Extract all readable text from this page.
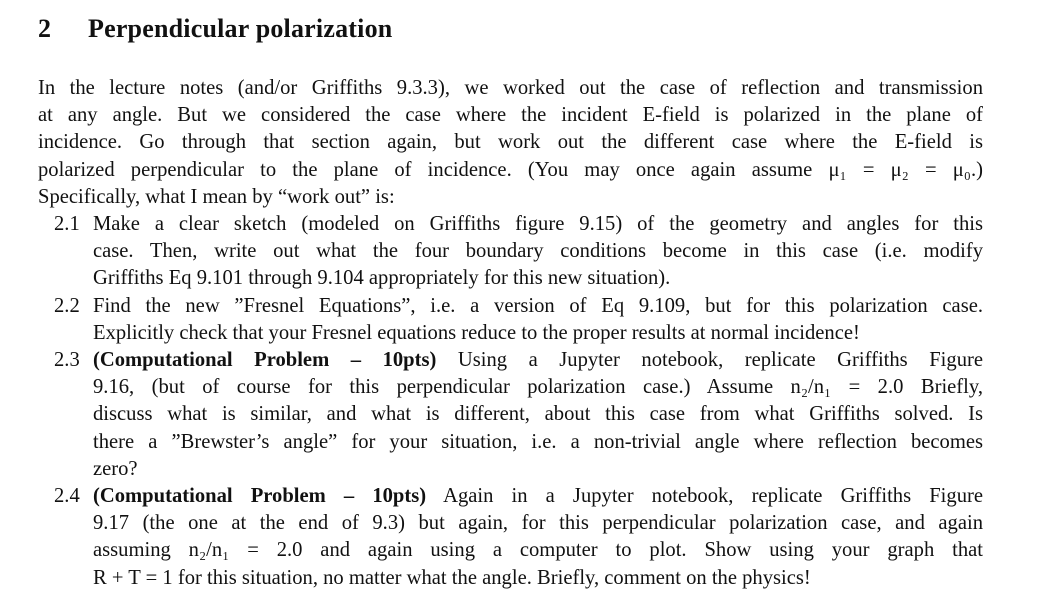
2 Perpendicular polarization

In the lecture notes (and/or Griffiths 9.3.3), we worked out the case of reflection and transmission
at any angle. But we considered the case where the incident E-field is polarized in the plane of
incidence. Go through that section again, but work out the different case where the E-field is
polarized perpendicular to the plane of incidence. (You may once again assume μ₁ = μ₂ = μ₀.)

Specifically, what I mean by “work out” is:

2.1 Make a clear sketch (modeled on Griffiths figure 9.15) of the geometry and angles for this
case. Then, write out what the four boundary conditions become in this case (i.e. modify
Griffiths Eq 9.101 through 9.104 appropriately for this new situation).
2.2 Find the new ”Fresnel Equations”, i.e. a version of Eq 9.109, but for this polarization case.
Explicitly check that your Fresnel equations reduce to the proper results at normal incidence!
2.3 (Computational Problem – 10pts) Using a Jupyter notebook, replicate Griffiths Figure
9.16, (but of course for this perpendicular polarization case.) Assume n₂/n₁ = 2.0 Briefly,
discuss what is similar, and what is different, about this case from what Griffiths solved. Is
there a ”Brewster’s angle” for your situation, i.e. a non-trivial angle where reflection becomes
zero?
2.4 (Computational Problem – 10pts) Again in a Jupyter notebook, replicate Griffiths Figure
9.17 (the one at the end of 9.3) but again, for this perpendicular polarization case, and again
assuming n₂/n₁ = 2.0 and again using a computer to plot. Show using your graph that
R + T = 1 for this situation, no matter what the angle. Briefly, comment on the physics!
